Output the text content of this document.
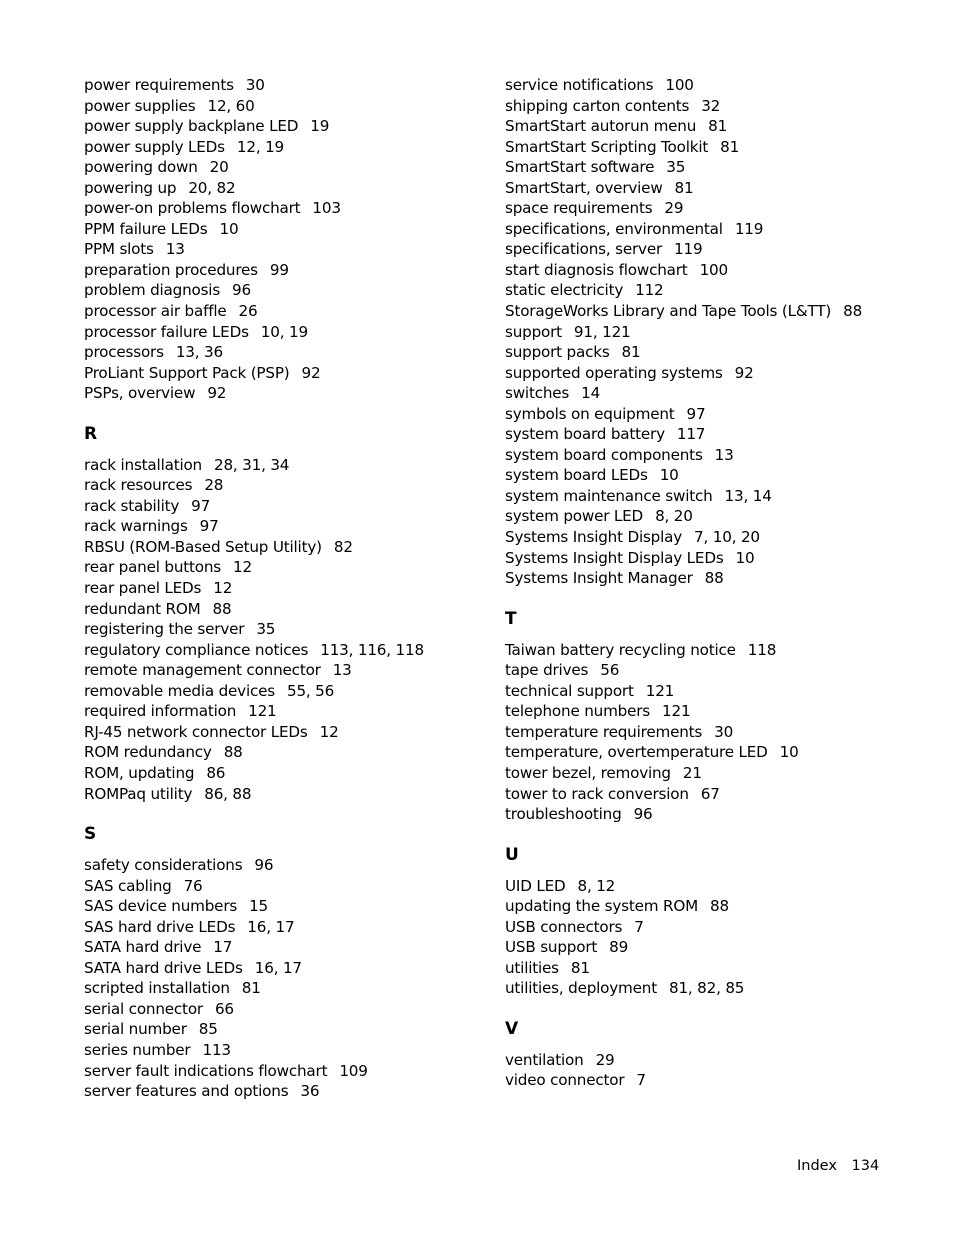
power requirements 30
power supplies 12, 60
power supply backplane LED 19
power supply LEDs 12, 19
powering down 20
powering up 20, 82
power-on problems flowchart 103
PPM failure LEDs 10
PPM slots 13
preparation procedures 99
problem diagnosis 96
processor air baffle 26
processor failure LEDs 10, 19
processors 13, 36
ProLiant Support Pack (PSP) 92
PSPs, overview 92
R
rack installation 28, 31, 34
rack resources 28
rack stability 97
rack warnings 97
RBSU (ROM-Based Setup Utility) 82
rear panel buttons 12
rear panel LEDs 12
redundant ROM 88
registering the server 35
regulatory compliance notices 113, 116, 118
remote management connector 13
removable media devices 55, 56
required information 121
RJ-45 network connector LEDs 12
ROM redundancy 88
ROM, updating 86
ROMPaq utility 86, 88
S
safety considerations 96
SAS cabling 76
SAS device numbers 15
SAS hard drive LEDs 16, 17
SATA hard drive 17
SATA hard drive LEDs 16, 17
scripted installation 81
serial connector 66
serial number 85
series number 113
server fault indications flowchart 109
server features and options 36
service notifications 100
shipping carton contents 32
SmartStart autorun menu 81
SmartStart Scripting Toolkit 81
SmartStart software 35
SmartStart, overview 81
space requirements 29
specifications, environmental 119
specifications, server 119
start diagnosis flowchart 100
static electricity 112
StorageWorks Library and Tape Tools (L&TT) 88
support 91, 121
support packs 81
supported operating systems 92
switches 14
symbols on equipment 97
system board battery 117
system board components 13
system board LEDs 10
system maintenance switch 13, 14
system power LED 8, 20
Systems Insight Display 7, 10, 20
Systems Insight Display LEDs 10
Systems Insight Manager 88
T
Taiwan battery recycling notice 118
tape drives 56
technical support 121
telephone numbers 121
temperature requirements 30
temperature, overtemperature LED 10
tower bezel, removing 21
tower to rack conversion 67
troubleshooting 96
U
UID LED 8, 12
updating the system ROM 88
USB connectors 7
USB support 89
utilities 81
utilities, deployment 81, 82, 85
V
ventilation 29
video connector 7
Index 134
